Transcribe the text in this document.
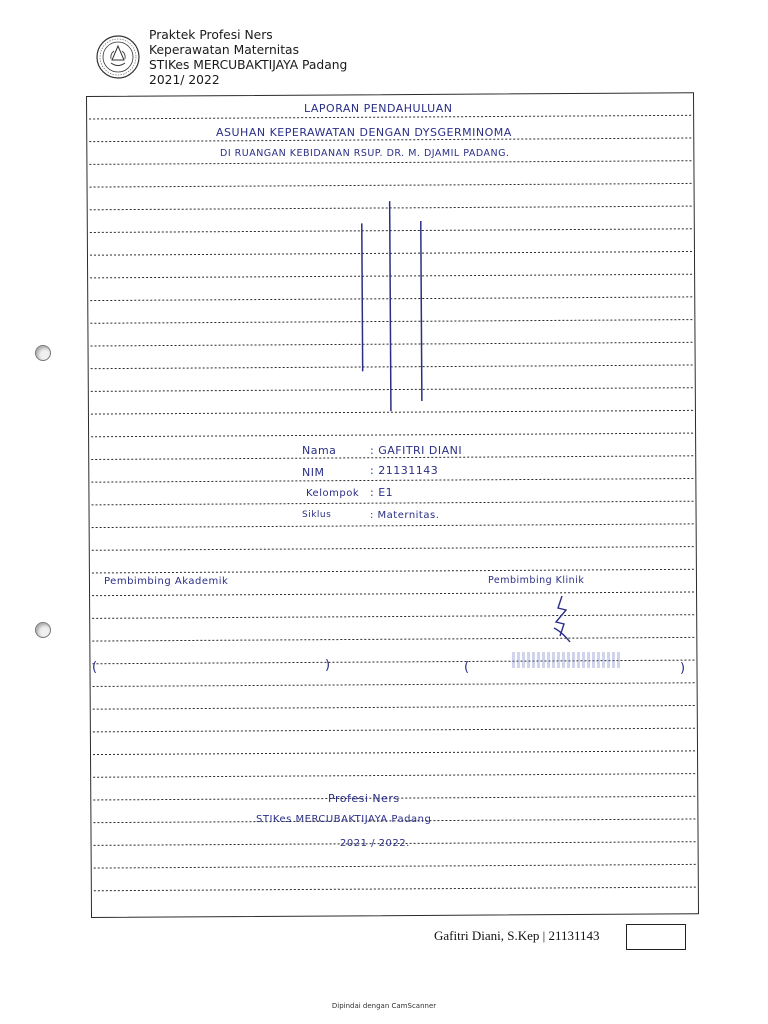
Praktek Profesi Ners
Keperawatan Maternitas
STIKes MERCUBAKTIJAYA Padang
2021/ 2022
LAPORAN PENDAHULUAN
ASUHAN KEPERAWATAN DENGAN DYSGERMINOMA
DI RUANGAN KEBIDANAN RSUP. DR. M. DJAMIL PADANG.
Nama	: GAFITRI DIANI
NIM	: 21131143
Kelompok : E1
Siklus	: Maternitas.
Pembimbing Akademik	Pembimbing Klinik
(	)	(	)
Profesi Ners
STIKes MERCUBAKTIJAYA Padang
2021 / 2022.
Gafitri Diani, S.Kep | 21131143
Dipindai dengan CamScanner
